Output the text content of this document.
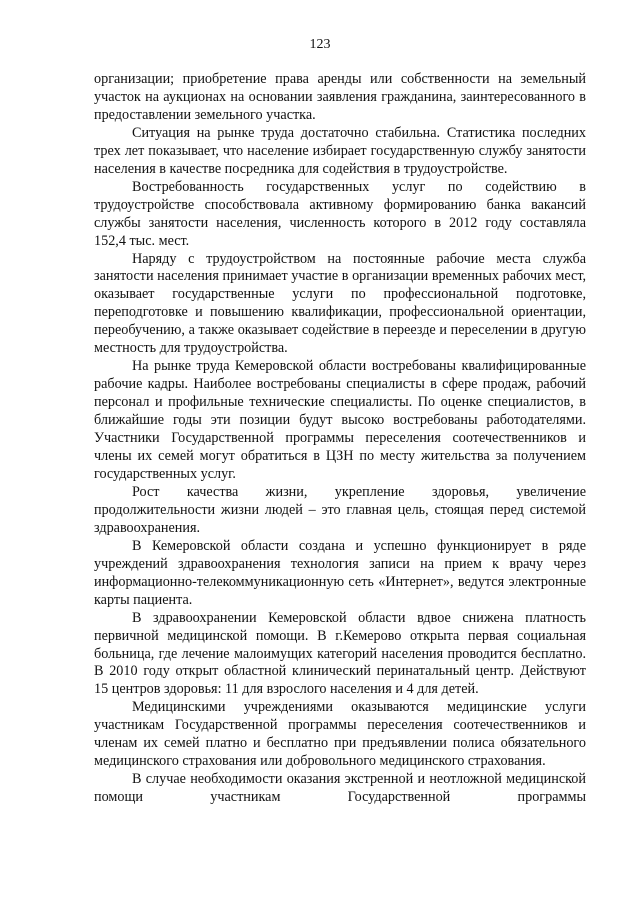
123

организации; приобретение права аренды или собственности на земельный участок на аукционах на основании заявления гражданина, заинтересованного в предоставлении земельного участка.

Ситуация на рынке труда достаточно стабильна. Статистика последних трех лет показывает, что население избирает государственную службу занятости населения в качестве посредника для содействия в трудоустройстве.

Востребованность государственных услуг по содействию в трудоустройстве способствовала активному формированию банка вакансий службы занятости населения, численность которого в 2012 году составляла 152,4 тыс. мест.

Наряду с трудоустройством на постоянные рабочие места служба занятости населения принимает участие в организации временных рабочих мест, оказывает государственные услуги по профессиональной подготовке, переподготовке и повышению квалификации, профессиональной ориентации, переобучению, а также оказывает содействие в переезде и переселении в другую местность для трудоустройства.

На рынке труда Кемеровской области востребованы квалифицированные рабочие кадры. Наиболее востребованы специалисты в сфере продаж, рабочий персонал и профильные технические специалисты. По оценке специалистов, в ближайшие годы эти позиции будут высоко востребованы работодателями. Участники Государственной программы переселения соотечественников и члены их семей могут обратиться в ЦЗН по месту жительства за получением государственных услуг.

Рост качества жизни, укрепление здоровья, увеличение продолжительности жизни людей – это главная цель, стоящая перед системой здравоохранения.

В Кемеровской области создана и успешно функционирует в ряде учреждений здравоохранения технология записи на прием к врачу через информационно-телекоммуникационную сеть «Интернет», ведутся электронные карты пациента.

В здравоохранении Кемеровской области вдвое снижена платность первичной медицинской помощи. В г.Кемерово открыта первая социальная больница, где лечение малоимущих категорий населения проводится бесплатно. В 2010 году открыт областной клинический перинатальный центр. Действуют 15 центров здоровья: 11 для взрослого населения и 4 для детей.

Медицинскими учреждениями оказываются медицинские услуги участникам Государственной программы переселения соотечественников и членам их семей платно и бесплатно при предъявлении полиса обязательного медицинского страхования или добровольного медицинского страхования.

В случае необходимости оказания экстренной и неотложной медицинской помощи участникам Государственной программы
